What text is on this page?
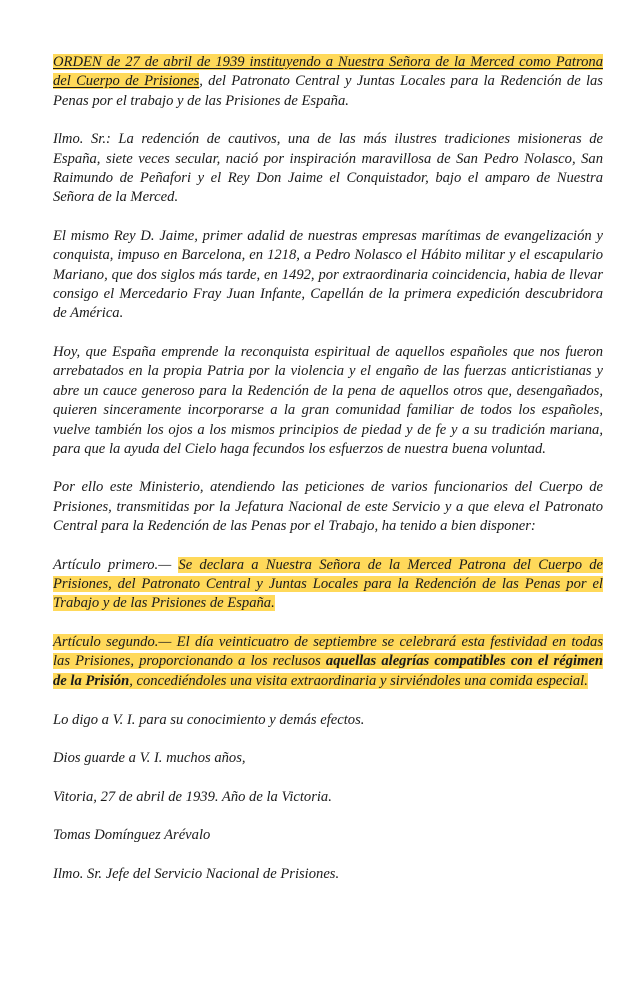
ORDEN de 27 de abril de 1939 instituyendo a Nuestra Señora de la Merced como Patrona del Cuerpo de Prisiones, del Patronato Central y Juntas Locales para la Redención de las Penas por el trabajo y de las Prisiones de España.

Ilmo. Sr.: La redención de cautivos, una de las más ilustres tradiciones misioneras de España, siete veces secular, nació por inspiración maravillosa de San Pedro Nolasco, San Raimundo de Peñafori y el Rey Don Jaime el Conquistador, bajo el amparo de Nuestra Señora de la Merced.

El mismo Rey D. Jaime, primer adalid de nuestras empresas marítimas de evangelización y conquista, impuso en Barcelona, en 1218, a Pedro Nolasco el Hábito militar y el escapulario Mariano, que dos siglos más tarde, en 1492, por extraordinaria coincidencia, habia de llevar consigo el Mercedario Fray Juan Infante, Capellán de la primera expedición descubridora de América.

Hoy, que España emprende la reconquista espiritual de aquellos españoles que nos fueron arrebatados en la propia Patria por la violencia y el engaño de las fuerzas anticristianas y abre un cauce generoso para la Redención de la pena de aquellos otros que, desengañados, quieren sinceramente incorporarse a la gran comunidad familiar de todos los españoles, vuelve también los ojos a los mismos principios de piedad y de fe y a su tradición mariana, para que la ayuda del Cielo haga fecundos los esfuerzos de nuestra buena voluntad.

Por ello este Ministerio, atendiendo las peticiones de varios funcionarios del Cuerpo de Prisiones, transmitidas por la Jefatura Nacional de este Servicio y a que eleva el Patronato Central para la Redención de las Penas por el Trabajo, ha tenido a bien disponer:

Artículo primero.— Se declara a Nuestra Señora de la Merced Patrona del Cuerpo de Prisiones, del Patronato Central y Juntas Locales para la Redención de las Penas por el Trabajo y de las Prisiones de España.

Artículo segundo.— El día veinticuatro de septiembre se celebrará esta festividad en todas las Prisiones, proporcionando a los reclusos aquellas alegrías compatibles con el régimen de la Prisión, concediéndoles una visita extraordinaria y sirviéndoles una comida especial.

Lo digo a V. I. para su conocimiento y demás efectos.

Dios guarde a V. I. muchos años,

Vitoria, 27 de abril de 1939. Año de la Victoria.

Tomas Domínguez Arévalo

Ilmo. Sr. Jefe del Servicio Nacional de Prisiones.
